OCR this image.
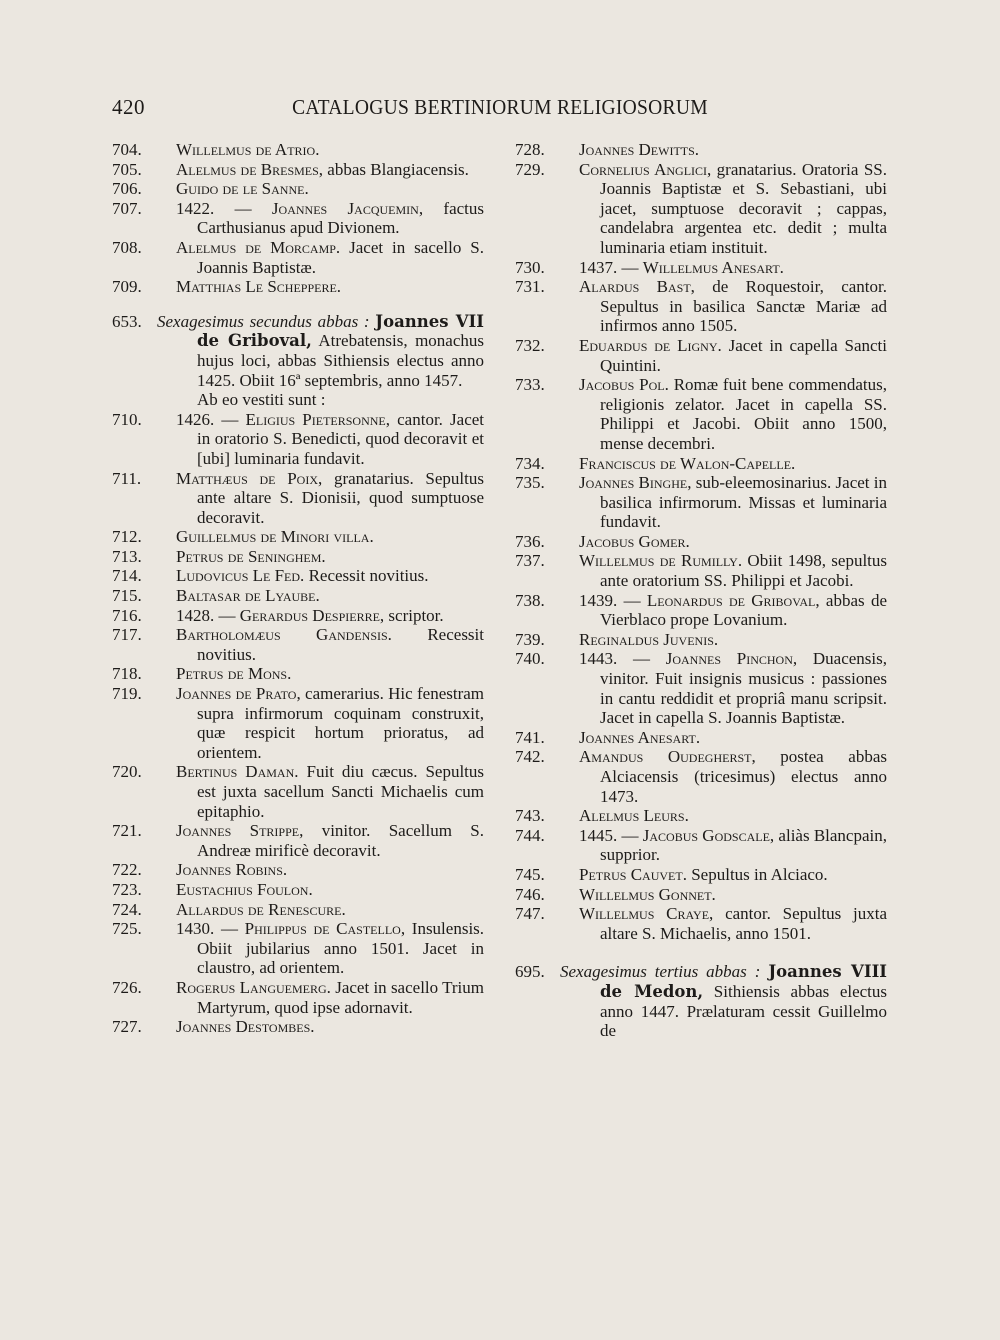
420	CATALOGUS BERTINIORUM RELIGIOSORUM
704. Willelmus de Atrio.
705. Alelmus de Bresmes, abbas Blangiacensis.
706. Guido de le Sanne.
707. 1422. — Joannes Jacquemin, factus Carthusianus apud Divionem.
708. Alelmus de Morcamp. Jacet in sacello S. Joannis Baptistæ.
709. Matthias Le Scheppere.
653. Sexagesimus secundus abbas : Joannes VII de Griboval, Atrebatensis, monachus hujus loci, abbas Sithiensis electus anno 1425. Obiit 16ª septembris, anno 1457.
Ab eo vestiti sunt :
710. 1426. — Eligius Pietersonne, cantor. Jacet in oratorio S. Benedicti, quod decoravit et [ubi] luminaria fundavit.
711. Matthæus de Poix, granatarius. Sepultus ante altare S. Dionisii, quod sumptuose decoravit.
712. Guillelmus de Minori villa.
713. Petrus de Seninghem.
714. Ludovicus Le Fed. Recessit novitius.
715. Baltasar de Lyaube.
716. 1428. — Gerardus Despierre, scriptor.
717. Bartholomæus Gandensis. Recessit novitius.
718. Petrus de Mons.
719. Joannes de Prato, camerarius. Hic fenestram supra infirmorum coquinam construxit, quæ respicit hortum prioratus, ad orientem.
720. Bertinus Daman. Fuit diu cæcus. Sepultus est juxta sacellum Sancti Michaelis cum epitaphio.
721. Joannes Strippe, vinitor. Sacellum S. Andreæ mirificè decoravit.
722. Joannes Robins.
723. Eustachius Foulon.
724. Allardus de Renescure.
725. 1430. — Philippus de Castello, Insulensis. Obiit jubilarius anno 1501. Jacet in claustro, ad orientem.
726. Rogerus Languemerg. Jacet in sacello Trium Martyrum, quod ipse adornavit.
727. Joannes Destombes.
728. Joannes Dewitts.
729. Cornelius Anglici, granatarius. Oratoria SS. Joannis Baptistæ et S. Sebastiani, ubi jacet, sumptuose decoravit ; cappas, candelabra argentea etc. dedit ; multa luminaria etiam instituit.
730. 1437. — Willelmus Anesart.
731. Alardus Bast, de Roquestoir, cantor. Sepultus in basilica Sanctæ Mariæ ad infirmos anno 1505.
732. Eduardus de Ligny. Jacet in capella Sancti Quintini.
733. Jacobus Pol. Romæ fuit bene commendatus, religionis zelator. Jacet in capella SS. Philippi et Jacobi. Obiit anno 1500, mense decembri.
734. Franciscus de Walon-Capelle.
735. Joannes Binghe, sub-eleemosinarius. Jacet in basilica infirmorum. Missas et luminaria fundavit.
736. Jacobus Gomer.
737. Willelmus de Rumilly. Obiit 1498, sepultus ante oratorium SS. Philippi et Jacobi.
738. 1439. — Leonardus de Griboval, abbas de Vierblaco prope Lovanium.
739. Reginaldus Juvenis.
740. 1443. — Joannes Pinchon, Duacensis, vinitor. Fuit insignis musicus : passiones in cantu reddidit et propriâ manu scripsit. Jacet in capella S. Joannis Baptistæ.
741. Joannes Anesart.
742. Amandus Oudegherst, postea abbas Alciacensis (tricesimus) electus anno 1473.
743. Alelmus Leurs.
744. 1445. — Jacobus Godscale, aliàs Blancpain, supprior.
745. Petrus Cauvet. Sepultus in Alciaco.
746. Willelmus Gonnet.
747. Willelmus Craye, cantor. Sepultus juxta altare S. Michaelis, anno 1501.
695. Sexagesimus tertius abbas : Joannes VIII de Medon, Sithiensis abbas electus anno 1447. Prælaturam cessit Guillelmo de
